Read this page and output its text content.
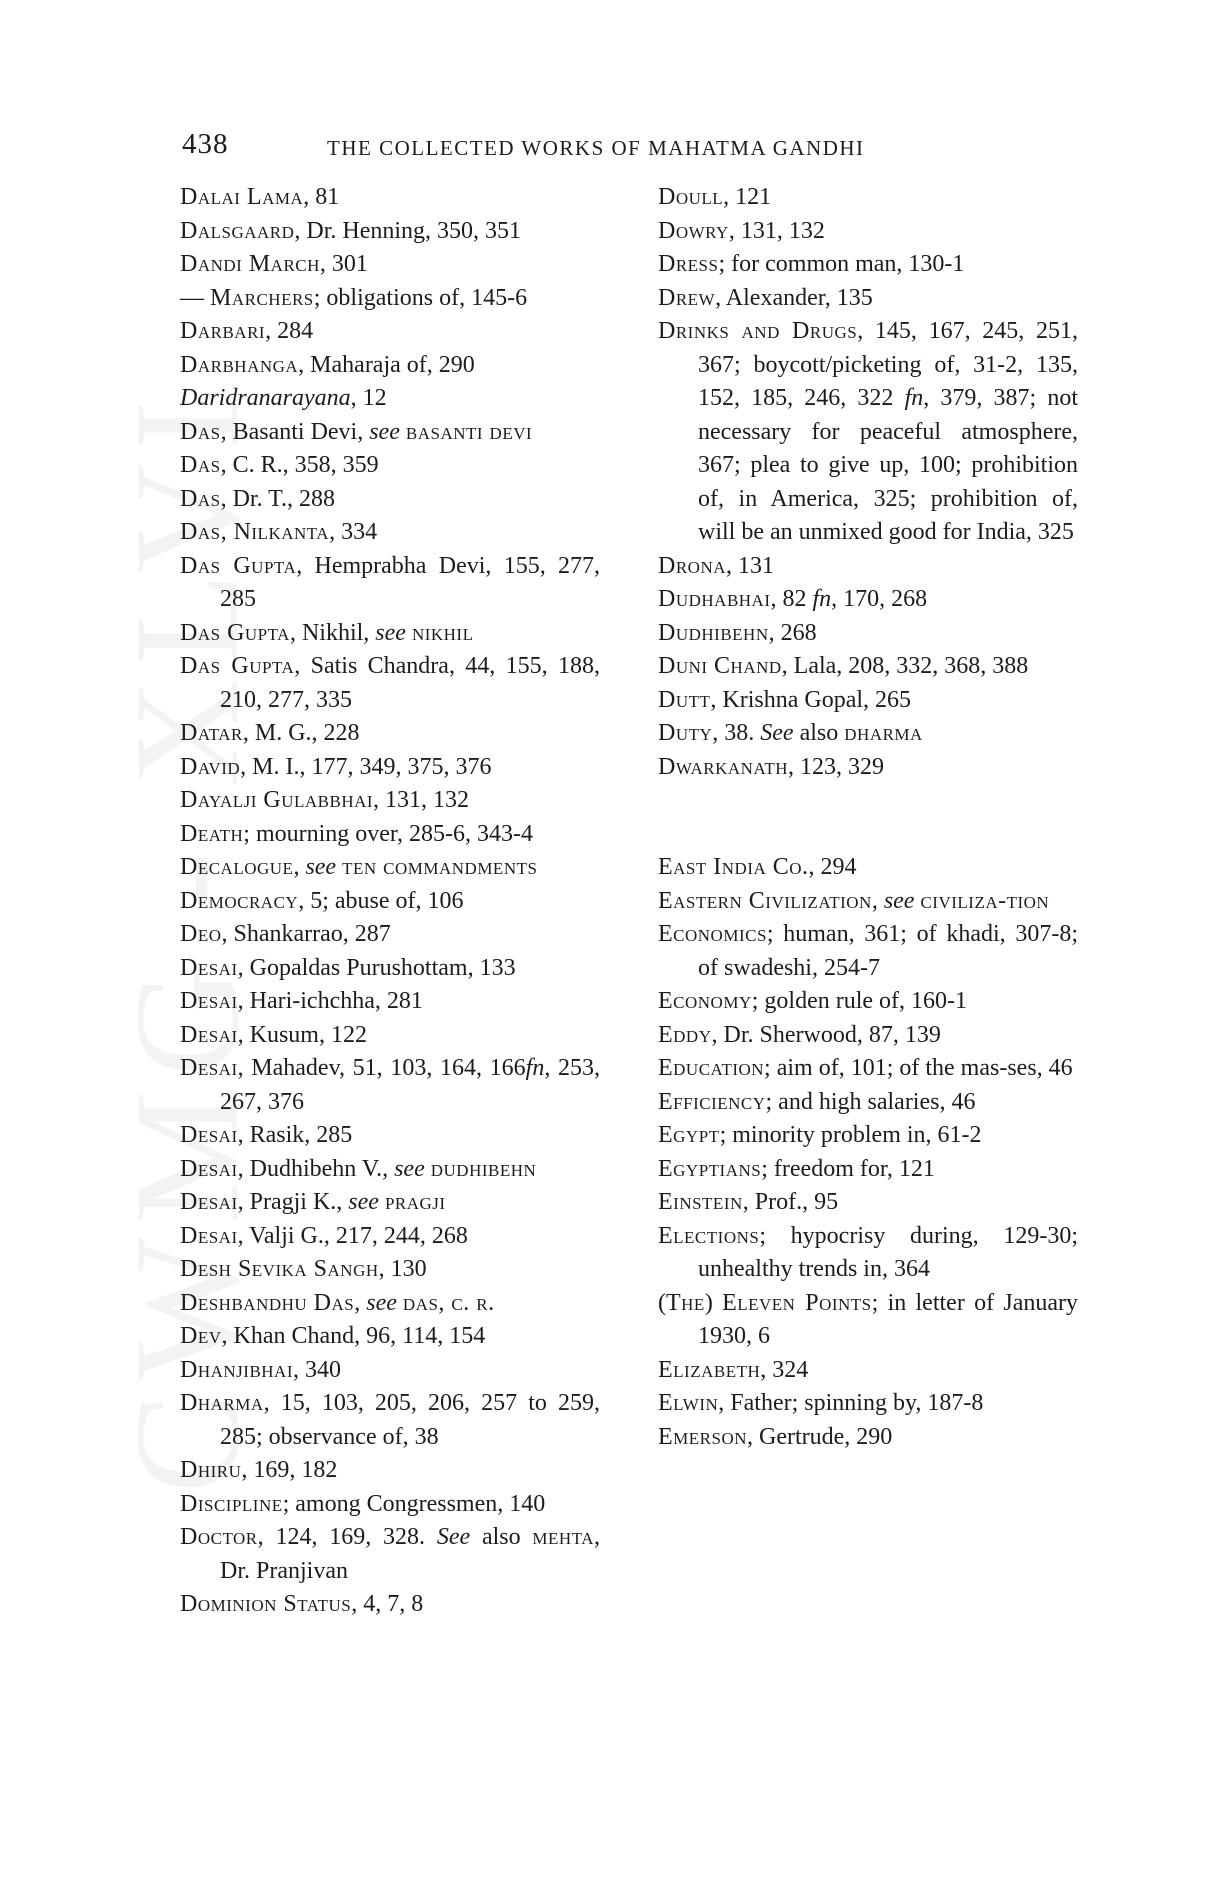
438	THE COLLECTED WORKS OF MAHATMA GANDHI
Dalai Lama, 81
Dalsgaard, Dr. Henning, 350, 351
Dandi March, 301
— Marchers; obligations of, 145-6
Darbari, 284
Darbhanga, Maharaja of, 290
Daridranarayana, 12
Das, Basanti Devi, see basanti devi
Das, C. R., 358, 359
Das, Dr. T., 288
Das, Nilkanta, 334
Das Gupta, Hemprabha Devi, 155, 277, 285
Das Gupta, Nikhil, see nikhil
Das Gupta, Satis Chandra, 44, 155, 188, 210, 277, 335
Datar, M. G., 228
David, M. I., 177, 349, 375, 376
Dayalji Gulabbhai, 131, 132
Death; mourning over, 285-6, 343-4
Decalogue, see ten commandments
Democracy, 5; abuse of, 106
Deo, Shankarrao, 287
Desai, Gopaldas Purushottam, 133
Desai, Hari-ichchha, 281
Desai, Kusum, 122
Desai, Mahadev, 51, 103, 164, 166fn, 253, 267, 376
Desai, Rasik, 285
Desai, Dudhibehn V., see dudhibehn
Desai, Pragji K., see pragji
Desai, Valji G., 217, 244, 268
Desh Sevika Sangh, 130
Deshbandhu Das, see das, c. r.
Dev, Khan Chand, 96, 114, 154
Dhanjibhai, 340
Dharma, 15, 103, 205, 206, 257 to 259, 285; observance of, 38
Dhiru, 169, 182
Discipline; among Congressmen, 140
Doctor, 124, 169, 328. See also mehta, Dr. Pranjivan
Dominion Status, 4, 7, 8
Doull, 121
Dowry, 131, 132
Dress; for common man, 130-1
Drew, Alexander, 135
Drinks and Drugs, 145, 167, 245, 251, 367; boycott/picketing of, 31-2, 135, 152, 185, 246, 322 fn, 379, 387; not necessary for peaceful atmosphere, 367; plea to give up, 100; prohibition of, in America, 325; prohibition of, will be an unmixed good for India, 325
Drona, 131
Dudhabhai, 82 fn, 170, 268
Dudhibehn, 268
Duni Chand, Lala, 208, 332, 368, 388
Dutt, Krishna Gopal, 265
Duty, 38. See also dharma
Dwarkanath, 123, 329
East India Co., 294
Eastern Civilization, see civiliza-tion
Economics; human, 361; of khadi, 307-8; of swadeshi, 254-7
Economy; golden rule of, 160-1
Eddy, Dr. Sherwood, 87, 139
Education; aim of, 101; of the mas-ses, 46
Efficiency; and high salaries, 46
Egypt; minority problem in, 61-2
Egyptians; freedom for, 121
Einstein, Prof., 95
Elections; hypocrisy during, 129-30; unhealthy trends in, 364
(The) Eleven Points; in letter of January 1930, 6
Elizabeth, 324
Elwin, Father; spinning by, 187-8
Emerson, Gertrude, 290
